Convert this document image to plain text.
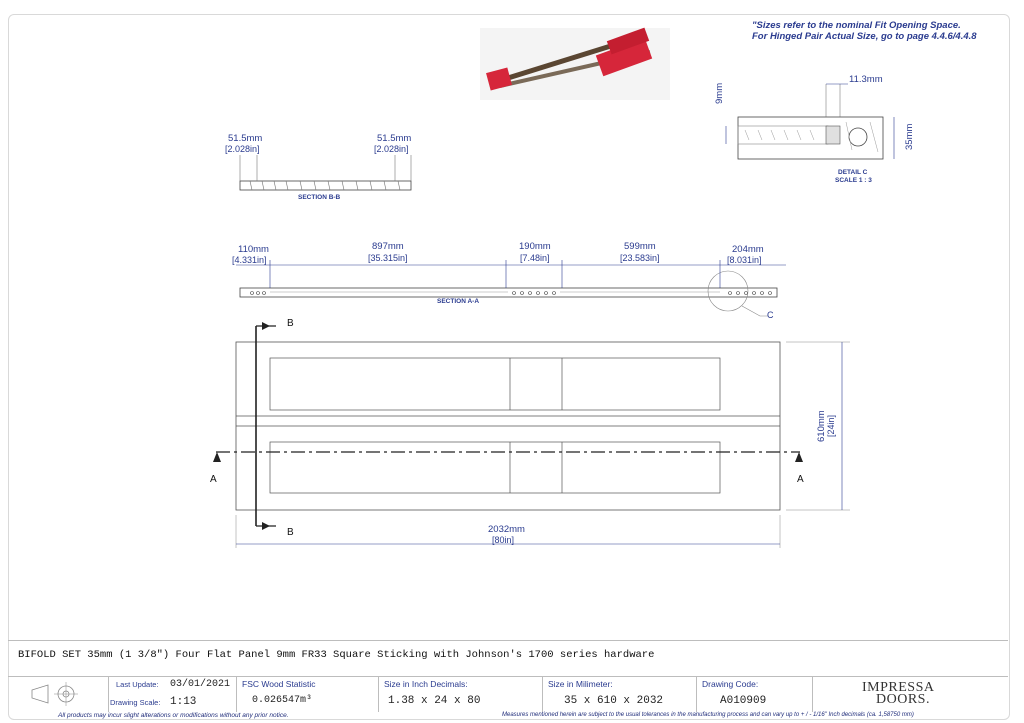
"Sizes refer to the nominal Fit Opening Space.
For Hinged Pair Actual Size, go to page 4.4.6/4.4.8
51.5mm
[2.028in]
51.5mm
[2.028in]
SECTION B-B
11.3mm
9mm
35mm
DETAIL C
SCALE 1 : 3
110mm
[4.331in]
897mm
[35.315in]
190mm
[7.48in]
599mm
[23.583in]
204mm
[8.031in]
SECTION A-A
C
B
B
A	A
610mm [24in]
2032mm
[80in]
BIFOLD SET 35mm (1 3/8") Four Flat Panel 9mm FR33 Square Sticking with Johnson's 1700 series hardware
Last Update: 03/01/2021
Drawing Scale: 1:13
FSC Wood Statistic
0.026547m³
Size in Inch Decimals:
1.38 x 24 x 80
Size in Milimeter:
35 x 610 x 2032
Drawing Code:
A010909
IMPRESSA
DOORS.
All products may incur slight alterations or modifications without any prior notice.	Measures mentioned herein are subject to the usual tolerances in the manufacturing process and can vary up to + / - 1/16" Inch decimals (ca. 1,58750 mm)
